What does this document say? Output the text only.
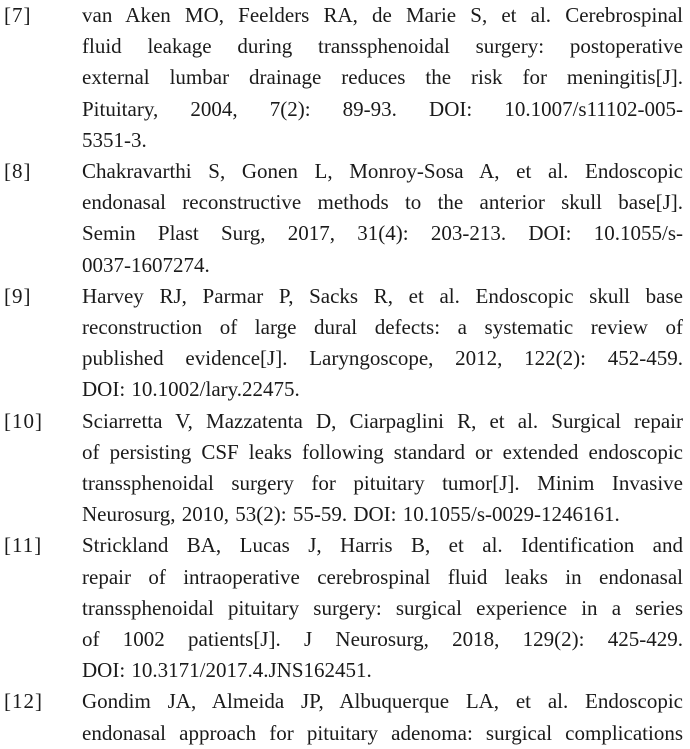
[7]	van Aken MO, Feelders RA, de Marie S, et al. Cerebrospinal
fluid leakage during transsphenoidal surgery: postoperative
external lumbar drainage reduces the risk for meningitis[J].
Pituitary, 2004, 7(2): 89-93. DOI: 10.1007/s11102-005-
5351-3.
[8]	Chakravarthi S, Gonen L, Monroy-Sosa A, et al. Endoscopic
endonasal reconstructive methods to the anterior skull base[J].
Semin Plast Surg, 2017, 31(4): 203-213. DOI: 10.1055/s-
0037-1607274.
[9]	Harvey RJ, Parmar P, Sacks R, et al. Endoscopic skull base
reconstruction of large dural defects: a systematic review of
published evidence[J]. Laryngoscope, 2012, 122(2): 452-459.
DOI: 10.1002/lary.22475.
[10]	Sciarretta V, Mazzatenta D, Ciarpaglini R, et al. Surgical repair
of persisting CSF leaks following standard or extended endoscopic
transsphenoidal surgery for pituitary tumor[J]. Minim Invasive
Neurosurg, 2010, 53(2): 55-59. DOI: 10.1055/s-0029-1246161.
[11]	Strickland BA, Lucas J, Harris B, et al. Identification and
repair of intraoperative cerebrospinal fluid leaks in endonasal
transsphenoidal pituitary surgery: surgical experience in a series
of 1002 patients[J]. J Neurosurg, 2018, 129(2): 425-429.
DOI: 10.3171/2017.4.JNS162451.
[12]	Gondim JA, Almeida JP, Albuquerque LA, et al. Endoscopic
endonasal approach for pituitary adenoma: surgical complications
